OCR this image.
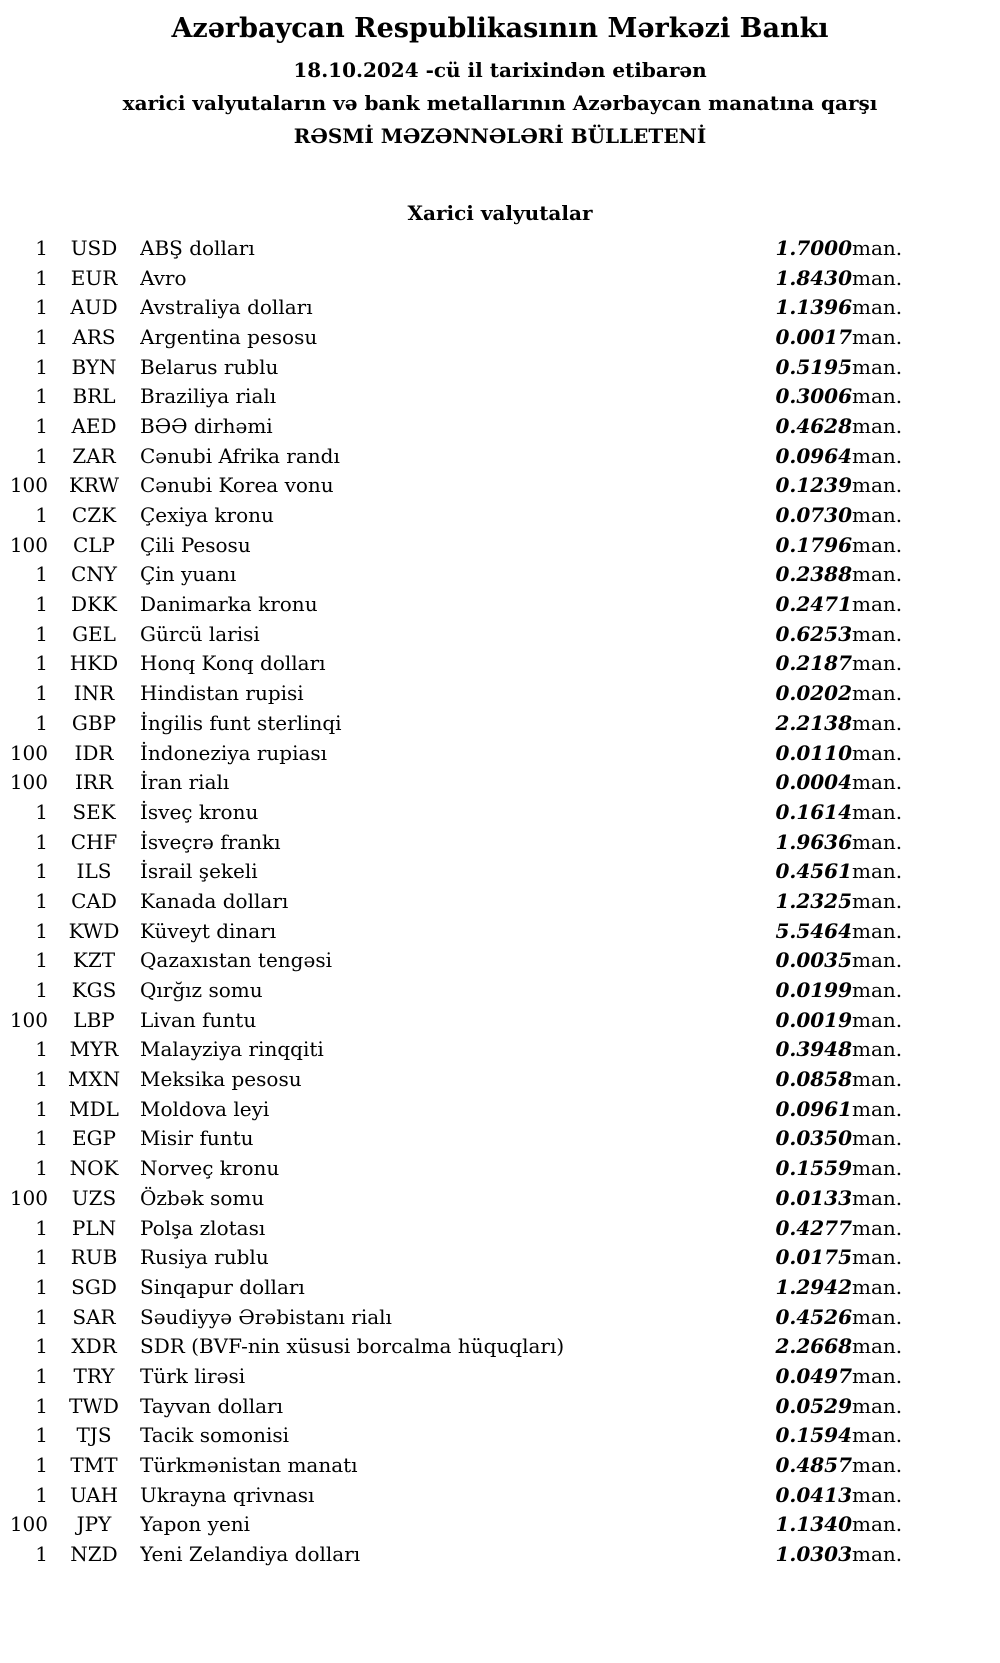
Azərbaycan Respublikasının Mərkəzi Bankı

18.10.2024 -cü il tarixindən etibarən

xarici valyutaların və bank metallarının Azərbaycan manatına qarşı

RƏSMİ MƏZƏNNƏLƏRİ BÜLLETENİ

Xarici valyutalar
1	USD	ABŞ dolları	1.7000	man.
1	EUR	Avro	1.8430	man.
1	AUD	Avstraliya dolları	1.1396	man.
1	ARS	Argentina pesosu	0.0017	man.
1	BYN	Belarus rublu	0.5195	man.
1	BRL	Braziliya rialı	0.3006	man.
1	AED	BƏƏ dirhəmi	0.4628	man.
1	ZAR	Cənubi Afrika randı	0.0964	man.
100	KRW	Cənubi Korea vonu	0.1239	man.
1	CZK	Çexiya kronu	0.0730	man.
100	CLP	Çili Pesosu	0.1796	man.
1	CNY	Çin yuanı	0.2388	man.
1	DKK	Danimarka kronu	0.2471	man.
1	GEL	Gürcü larisi	0.6253	man.
1	HKD	Honq Konq dolları	0.2187	man.
1	INR	Hindistan rupisi	0.0202	man.
1	GBP	İngilis funt sterlinqi	2.2138	man.
100	IDR	İndoneziya rupiası	0.0110	man.
100	IRR	İran rialı	0.0004	man.
1	SEK	İsveç kronu	0.1614	man.
1	CHF	İsveçrə frankı	1.9636	man.
1	ILS	İsrail şekeli	0.4561	man.
1	CAD	Kanada dolları	1.2325	man.
1	KWD	Küveyt dinarı	5.5464	man.
1	KZT	Qazaxıstan tengəsi	0.0035	man.
1	KGS	Qırğız somu	0.0199	man.
100	LBP	Livan funtu	0.0019	man.
1	MYR	Malayziya rinqqiti	0.3948	man.
1	MXN	Meksika pesosu	0.0858	man.
1	MDL	Moldova leyi	0.0961	man.
1	EGP	Misir funtu	0.0350	man.
1	NOK	Norveç kronu	0.1559	man.
100	UZS	Özbək somu	0.0133	man.
1	PLN	Polşa zlotası	0.4277	man.
1	RUB	Rusiya rublu	0.0175	man.
1	SGD	Sinqapur dolları	1.2942	man.
1	SAR	Səudiyyə Ərəbistanı rialı	0.4526	man.
1	XDR	SDR (BVF-nin xüsusi borcalma hüquqları)	2.2668	man.
1	TRY	Türk lirəsi	0.0497	man.
1	TWD	Tayvan dolları	0.0529	man.
1	TJS	Tacik somonisi	0.1594	man.
1	TMT	Türkmənistan manatı	0.4857	man.
1	UAH	Ukrayna qrivnası	0.0413	man.
100	JPY	Yapon yeni	1.1340	man.
1	NZD	Yeni Zelandiya dolları	1.0303	man.
